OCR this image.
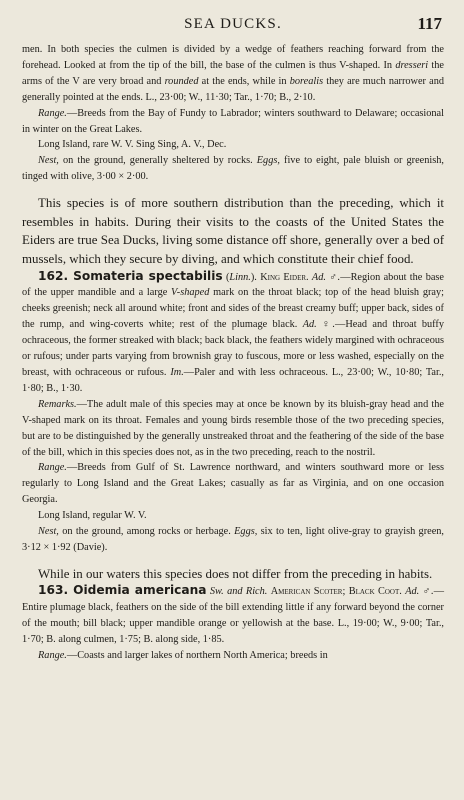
SEA DUCKS.	117

men. In both species the culmen is divided by a wedge of feathers reaching forward from the forehead. Looked at from the tip of the bill, the base of the culmen is thus V-shaped. In dresseri the arms of the V are very broad and rounded at the ends, while in borealis they are much narrower and generally pointed at the ends. L., 23·00; W., 11·30; Tar., 1·70; B., 2·10.

Range.—Breeds from the Bay of Fundy to Labrador; winters southward to Delaware; occasional in winter on the Great Lakes.

Long Island, rare W. V. Sing Sing, A. V., Dec.

Nest, on the ground, generally sheltered by rocks. Eggs, five to eight, pale bluish or greenish, tinged with olive, 3·00 × 2·00.

This species is of more southern distribution than the preceding, which it resembles in habits. During their visits to the coasts of the United States the Eiders are true Sea Ducks, living some distance off shore, generally over a bed of mussels, which they secure by diving, and which constitute their chief food.

162. Somateria spectabilis (Linn.). King Eider. Ad. ♂.—Region about the base of the upper mandible and a large V-shaped mark on the throat black; top of the head bluish gray; cheeks greenish; neck all around white; front and sides of the breast creamy buff; upper back, sides of the rump, and wing-coverts white; rest of the plumage black. Ad. ♀.—Head and throat buffy ochraceous, the former streaked with black; back black, the feathers widely margined with ochraceous or rufous; under parts varying from brownish gray to fuscous, more or less washed, especially on the breast, with ochraceous or rufous. Im.—Paler and with less ochraceous. L., 23·00; W., 10·80; Tar., 1·80; B., 1·30.

Remarks.—The adult male of this species may at once be known by its bluish-gray head and the V-shaped mark on its throat. Females and young birds resemble those of the two preceding species, but are to be distinguished by the generally unstreaked throat and the feathering of the side of the base of the bill, which in this species does not, as in the two preceding, reach to the nostril.

Range.—Breeds from Gulf of St. Lawrence northward, and winters southward more or less regularly to Long Island and the Great Lakes; casually as far as Virginia, and on one occasion Georgia.

Long Island, regular W. V.

Nest, on the ground, among rocks or herbage. Eggs, six to ten, light olive-gray to grayish green, 3·12 × 1·92 (Davie).

While in our waters this species does not differ from the preceding in habits.

163. Oidemia americana Sw. and Rich. American Scoter; Black Coot. Ad. ♂.—Entire plumage black, feathers on the side of the bill extending little if any forward beyond the corner of the mouth; bill black; upper mandible orange or yellowish at the base. L., 19·00; W., 9·00; Tar., 1·70; B. along culmen, 1·75; B. along side, 1·85.

Range.—Coasts and larger lakes of northern North America; breeds in
